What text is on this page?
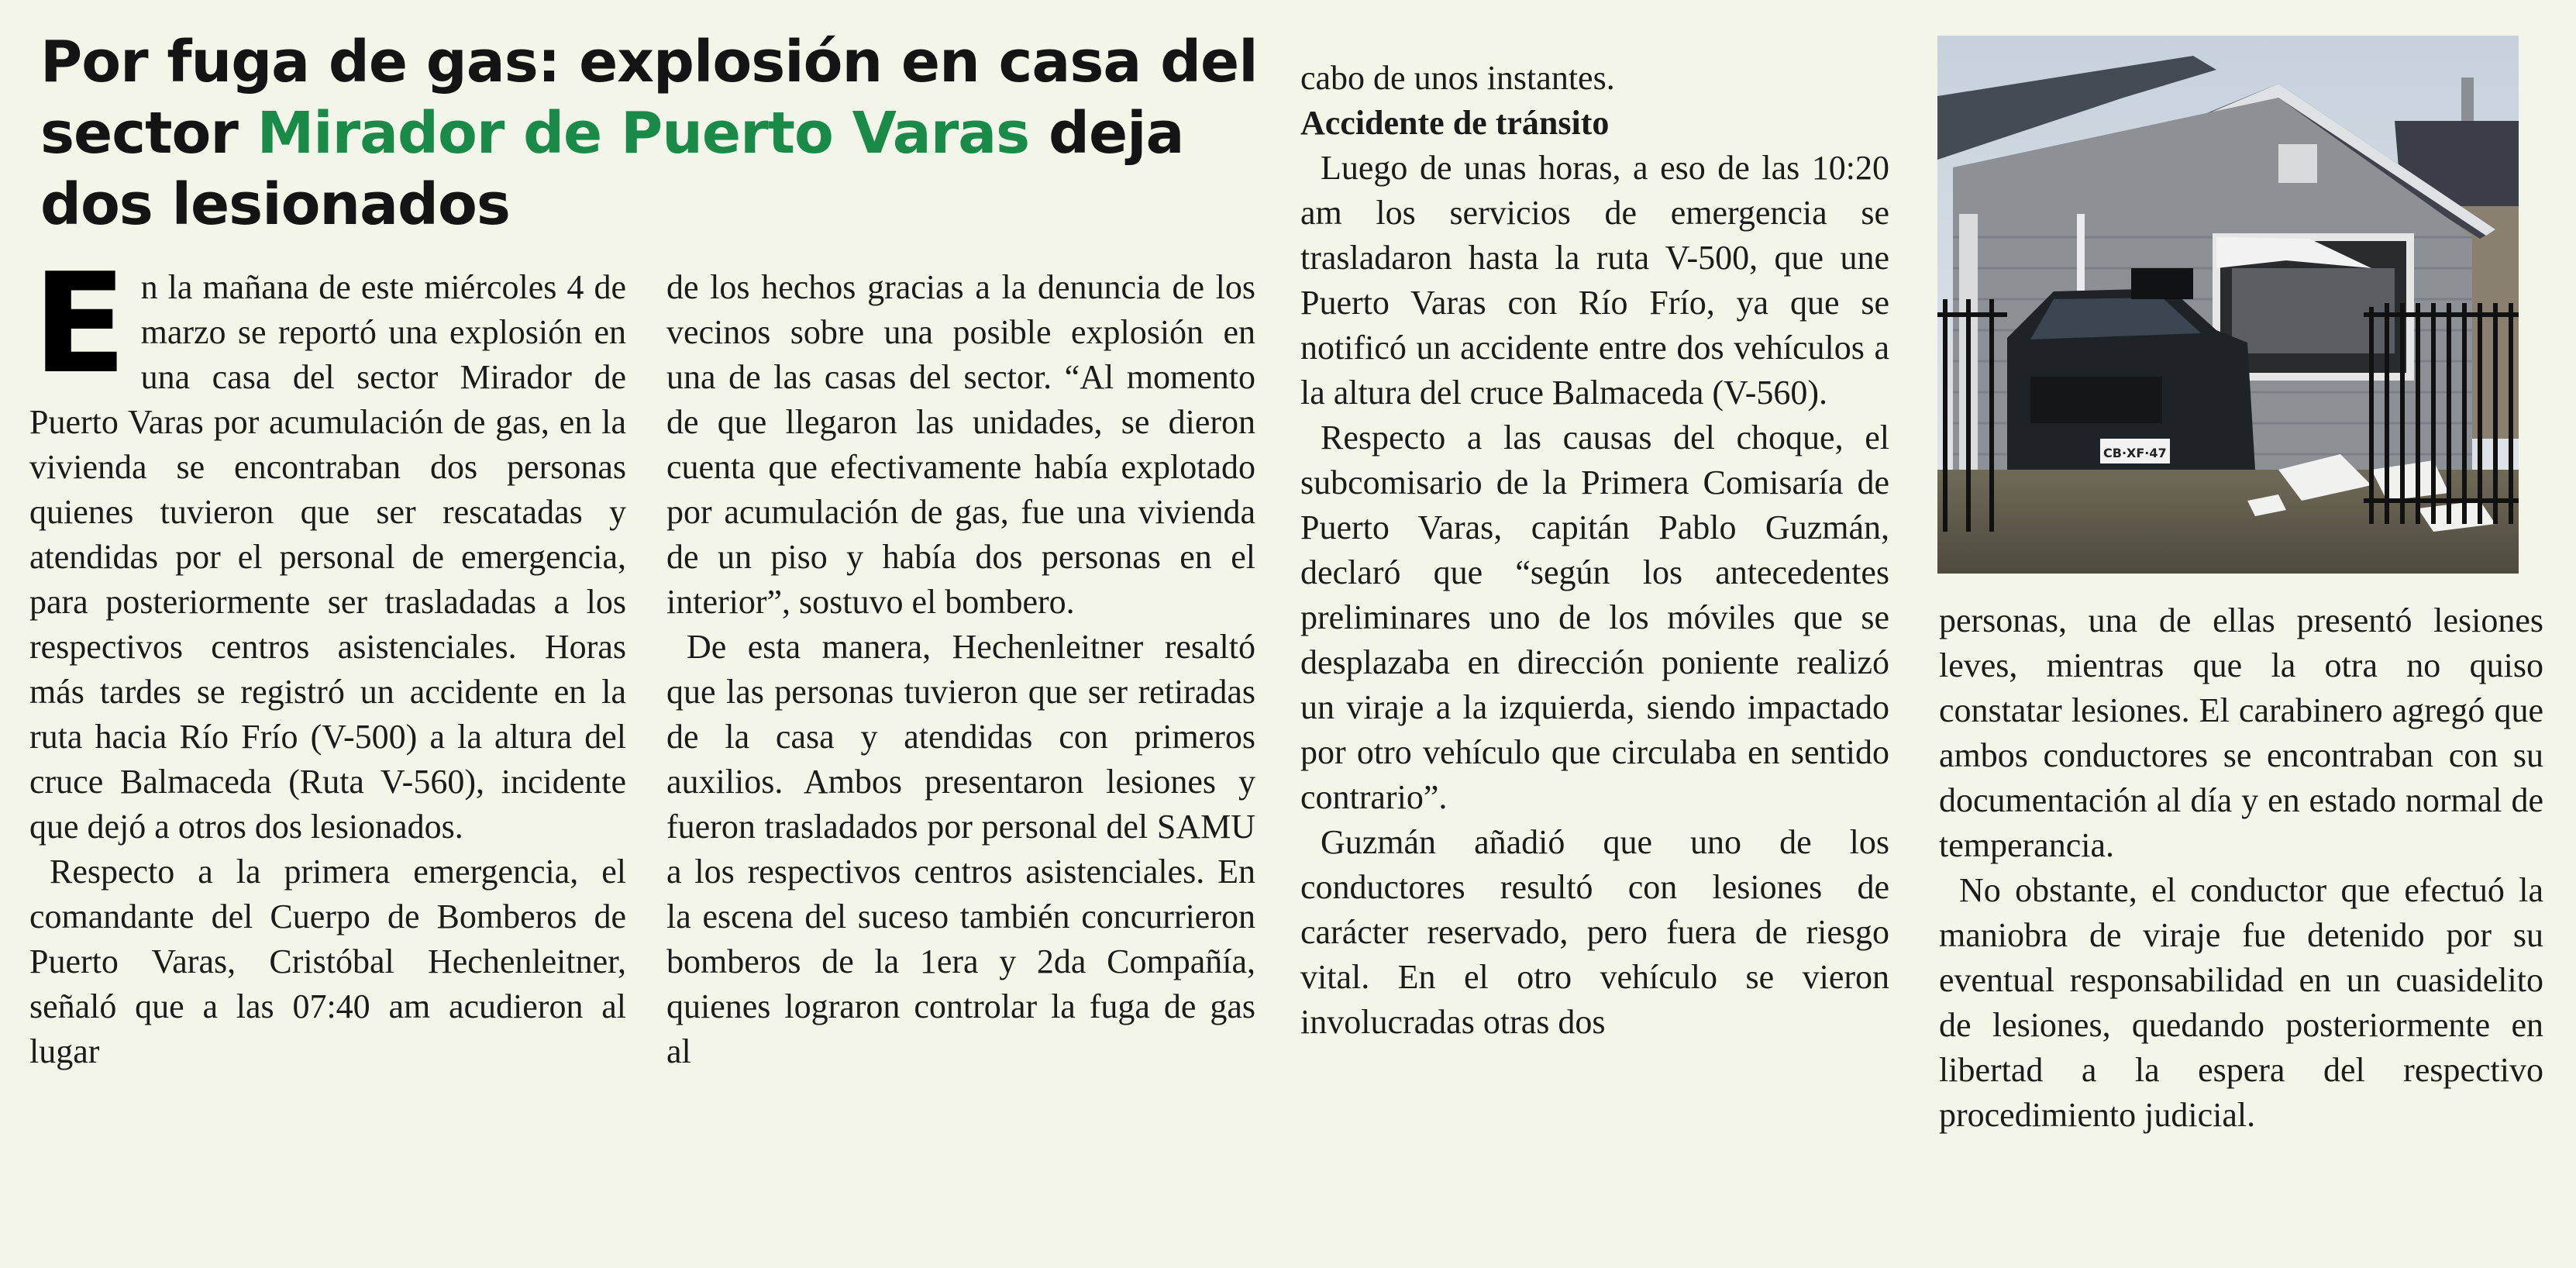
Por fuga de gas: explosión en casa del sector Mirador de Puerto Varas deja dos lesionados

En la mañana de este miércoles 4 de marzo se reportó una explosión en una casa del sector Mirador de Puerto Varas por acumulación de gas, en la vivienda se encontraban dos personas quienes tuvieron que ser rescatadas y atendidas por el personal de emergencia, para posteriormente ser trasladadas a los respectivos centros asistenciales. Horas más tardes se registró un accidente en la ruta hacia Río Frío (V-500) a la altura del cruce Balmaceda (Ruta V-560), incidente que dejó a otros dos lesionados.

Respecto a la primera emergencia, el comandante del Cuerpo de Bomberos de Puerto Varas, Cristóbal Hechenleitner, señaló que a las 07:40 am acudieron al lugar

de los hechos gracias a la denuncia de los vecinos sobre una posible explosión en una de las casas del sector. “Al momento de que llegaron las unidades, se dieron cuenta que efectivamente había explotado por acumulación de gas, fue una vivienda de un piso y había dos personas en el interior”, sostuvo el bombero.

De esta manera, Hechenleitner resaltó que las personas tuvieron que ser retiradas de la casa y atendidas con primeros auxilios. Ambos presentaron lesiones y fueron trasladados por personal del SAMU a los respectivos centros asistenciales. En la escena del suceso también concurrieron bomberos de la 1era y 2da Compañía, quienes lograron controlar la fuga de gas al

cabo de unos instantes.

Accidente de tránsito

Luego de unas horas, a eso de las 10:20 am los servicios de emergencia se trasladaron hasta la ruta V-500, que une Puerto Varas con Río Frío, ya que se notificó un accidente entre dos vehículos a la altura del cruce Balmaceda (V-560).

Respecto a las causas del choque, el subcomisario de la Primera Comisaría de Puerto Varas, capitán Pablo Guzmán, declaró que “según los antecedentes preliminares uno de los móviles que se desplazaba en dirección poniente realizó un viraje a la izquierda, siendo impactado por otro vehículo que circulaba en sentido contrario”.

Guzmán añadió que uno de los conductores resultó con lesiones de carácter reservado, pero fuera de riesgo vital. En el otro vehículo se vieron involucradas otras dos

CB·XF·47

personas, una de ellas presentó lesiones leves, mientras que la otra no quiso constatar lesiones. El carabinero agregó que ambos conductores se encontraban con su documentación al día y en estado normal de temperancia.

No obstante, el conductor que efectuó la maniobra de viraje fue detenido por su eventual responsabilidad en un cuasidelito de lesiones, quedando posteriormente en libertad a la espera del respectivo procedimiento judicial.
